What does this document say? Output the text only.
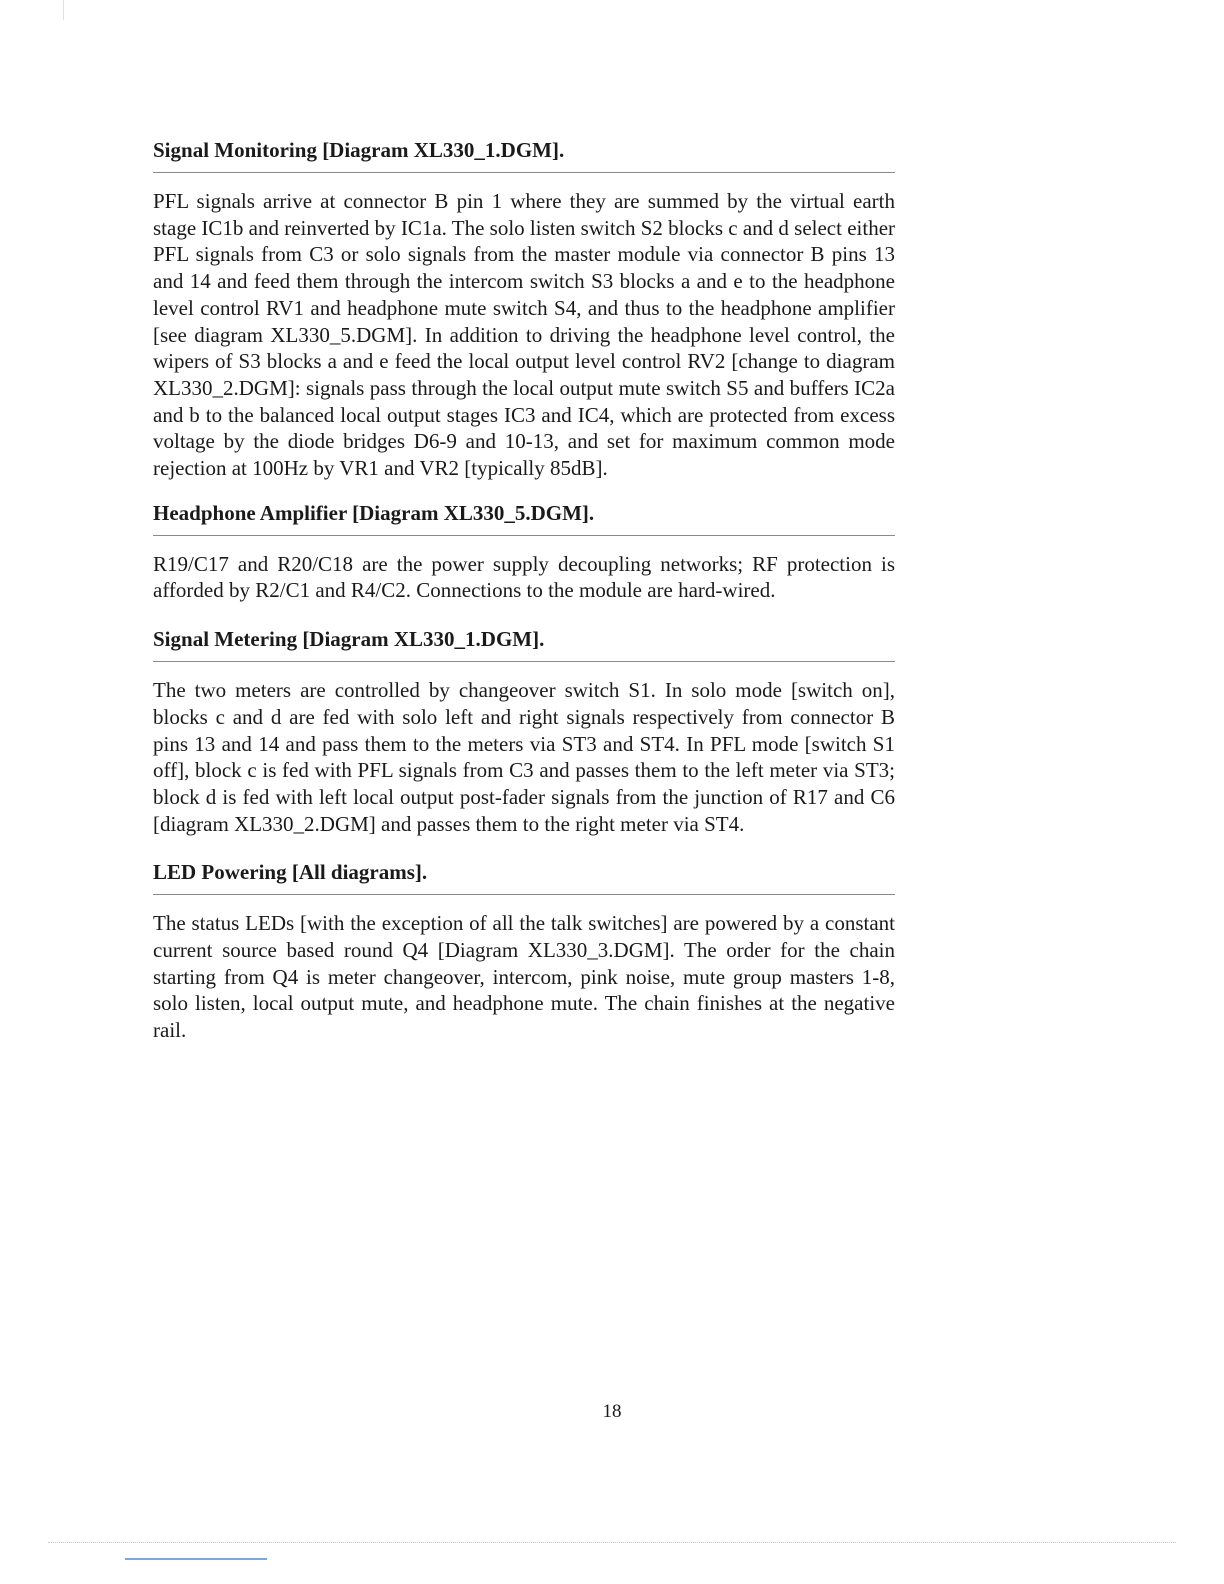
Signal Monitoring [Diagram XL330_1.DGM].

PFL signals arrive at connector B pin 1 where they are summed by the virtual earth stage IC1b and reinverted by IC1a. The solo listen switch S2 blocks c and d select either PFL signals from C3 or solo signals from the master module via connector B pins 13 and 14 and feed them through the intercom switch S3 blocks a and e to the headphone level control RV1 and headphone mute switch S4, and thus to the headphone amplifier [see diagram XL330_5.DGM]. In addition to driving the headphone level control, the wipers of S3 blocks a and e feed the local output level control RV2 [change to diagram XL330_2.DGM]: signals pass through the local output mute switch S5 and buffers IC2a and b to the balanced local output stages IC3 and IC4, which are protected from excess voltage by the diode bridges D6-9 and 10-13, and set for maximum common mode rejection at 100Hz by VR1 and VR2 [typically 85dB].

Headphone Amplifier [Diagram XL330_5.DGM].

R19/C17 and R20/C18 are the power supply decoupling networks; RF protection is afforded by R2/C1 and R4/C2. Connections to the module are hard-wired.

Signal Metering [Diagram XL330_1.DGM].

The two meters are controlled by changeover switch S1. In solo mode [switch on], blocks c and d are fed with solo left and right signals respectively from connector B pins 13 and 14 and pass them to the meters via ST3 and ST4. In PFL mode [switch S1 off], block c is fed with PFL signals from C3 and passes them to the left meter via ST3; block d is fed with left local output post-fader signals from the junction of R17 and C6 [diagram XL330_2.DGM] and passes them to the right meter via ST4.

LED Powering [All diagrams].

The status LEDs [with the exception of all the talk switches] are powered by a constant current source based round Q4 [Diagram XL330_3.DGM]. The order for the chain starting from Q4 is meter changeover, intercom, pink noise, mute group masters 1-8, solo listen, local output mute, and headphone mute. The chain finishes at the negative rail.

18
